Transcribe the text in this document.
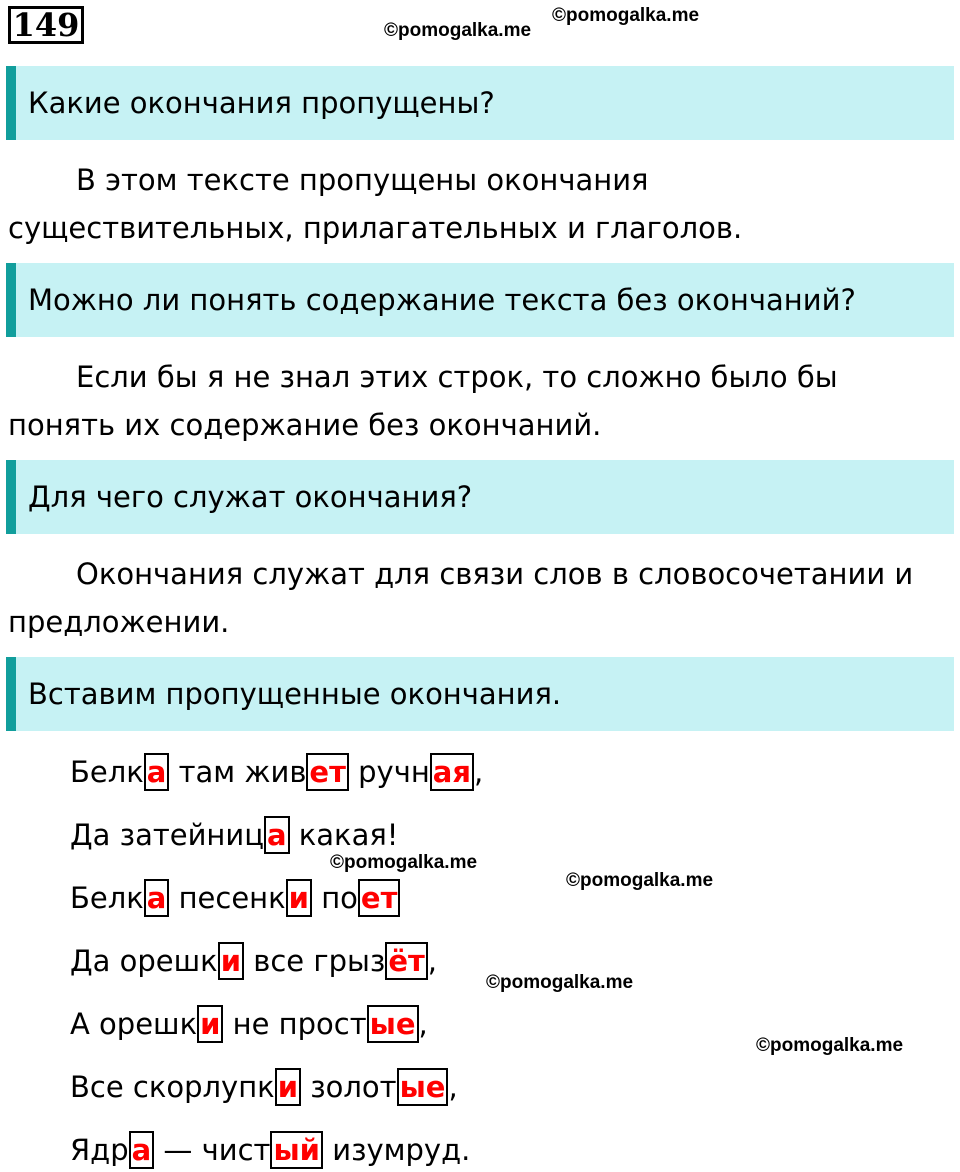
149	©pomogalka.me
©pomogalka.me
Какие окончания пропущены?
В этом тексте пропущены окончания
существительных, прилагательных и глаголов.
Можно ли понять содержание текста без окончаний?
Если бы я не знал этих строк, то сложно было бы
понять их содержание без окончаний.
Для чего служат окончания?
Окончания служат для связи слов в словосочетании и
предложении.
Вставим пропущенные окончания.
Белк а там жив ет ручн ая ,
Да затейниц а какая!
Белк а песенк и по ет
Да орешк и все грыз ёт ,
А орешк и не прост ые ,
Все скорлупк и золот ые ,
Ядр а — чист ый изумруд.
©pomogalka.me
©pomogalka.me
©pomogalka.me
©pomogalka.me
